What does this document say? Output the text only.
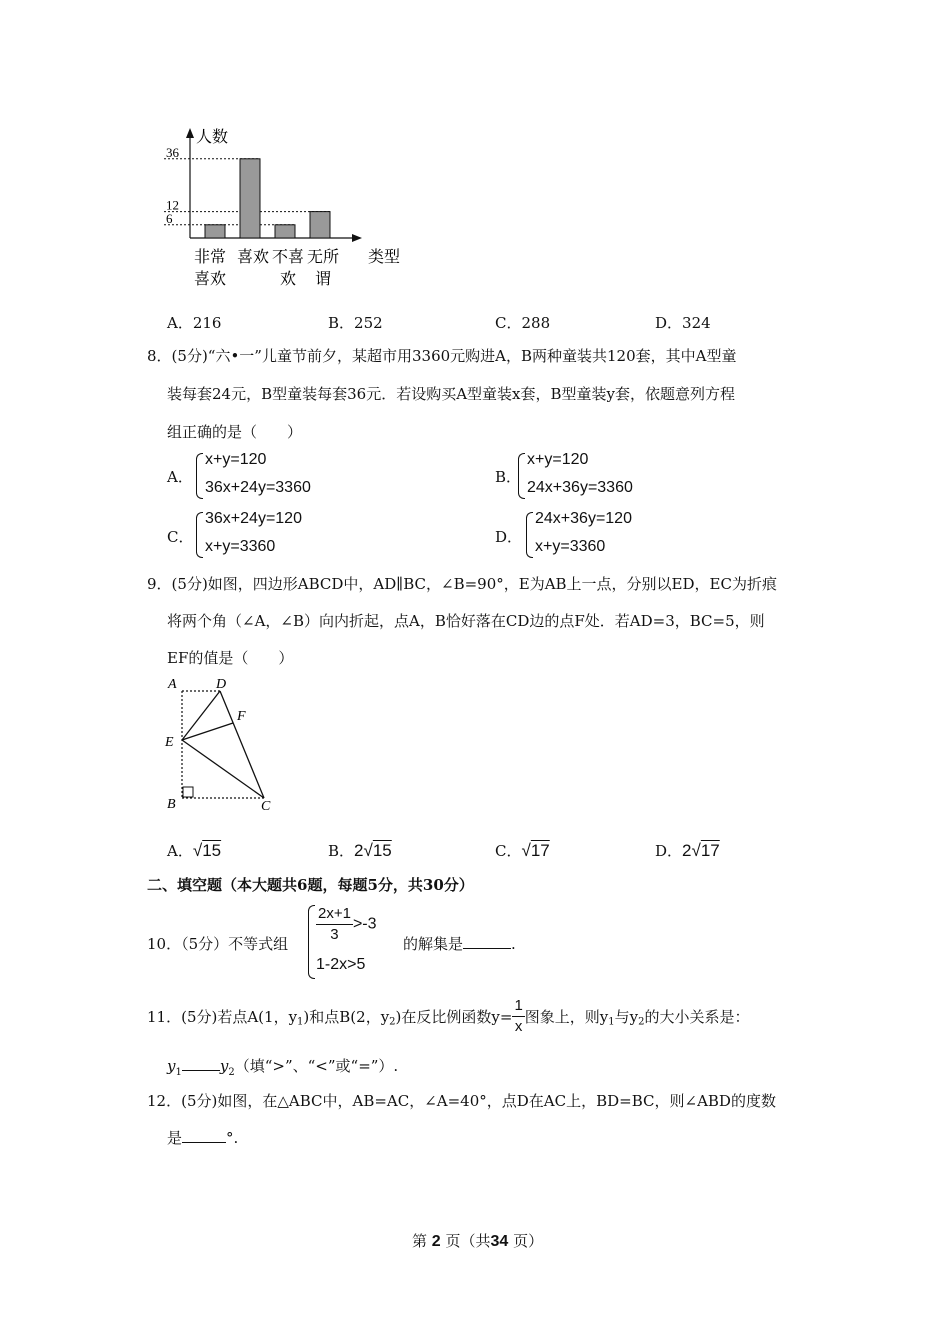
人数
类型
36
12
6
非常
喜欢
喜欢 不喜
欢
无所
谓
A．216	B．252	C．288	D．324
8．(5分)“六•一”儿童节前夕，某超市用3360元购进A，B两种童装共120套，其中A型童
装每套24元，B型童装每套36元．若设购买A型童装x套，B型童装y套，依题意列方程
组正确的是（　　）
A．
x+y=120
36x+24y=3360
B．
x+y=120
24x+36y=3360
C．
36x+24y=120
x+y=3360
D．
24x+36y=120
x+y=3360
9．(5分)如图，四边形ABCD中，AD∥BC，∠B=90°，E为AB上一点，分别以ED，EC为折痕
将两个角（∠A，∠B）向内折起，点A，B恰好落在CD边的点F处．若AD=3，BC=5，则
EF的值是（　　）
A	D
F
E
B	C
A．√15	B．2√15	C．√17	D．2√17
二、填空题（本大题共6题，每题5分，共30分）
10．（5分）不等式组 $\frac{2x+1}{3} >-3$
1-2x>5
的解集是	.
11．(5分)若点A(1，$y_1$)和点B(2，$y_2$)在反比例函数$y= \frac{1}{x}$ 图象上，则$y_1$与$y_2$的大小关系是：
$y_1$	$y_2$（填“>”、“<”或“=”）.
12．(5分)如图，在△ABC中，AB=AC，∠A=40°，点D在AC上，BD=BC，则∠ABD的度数
是	°.
第 2 页（共34 页）
